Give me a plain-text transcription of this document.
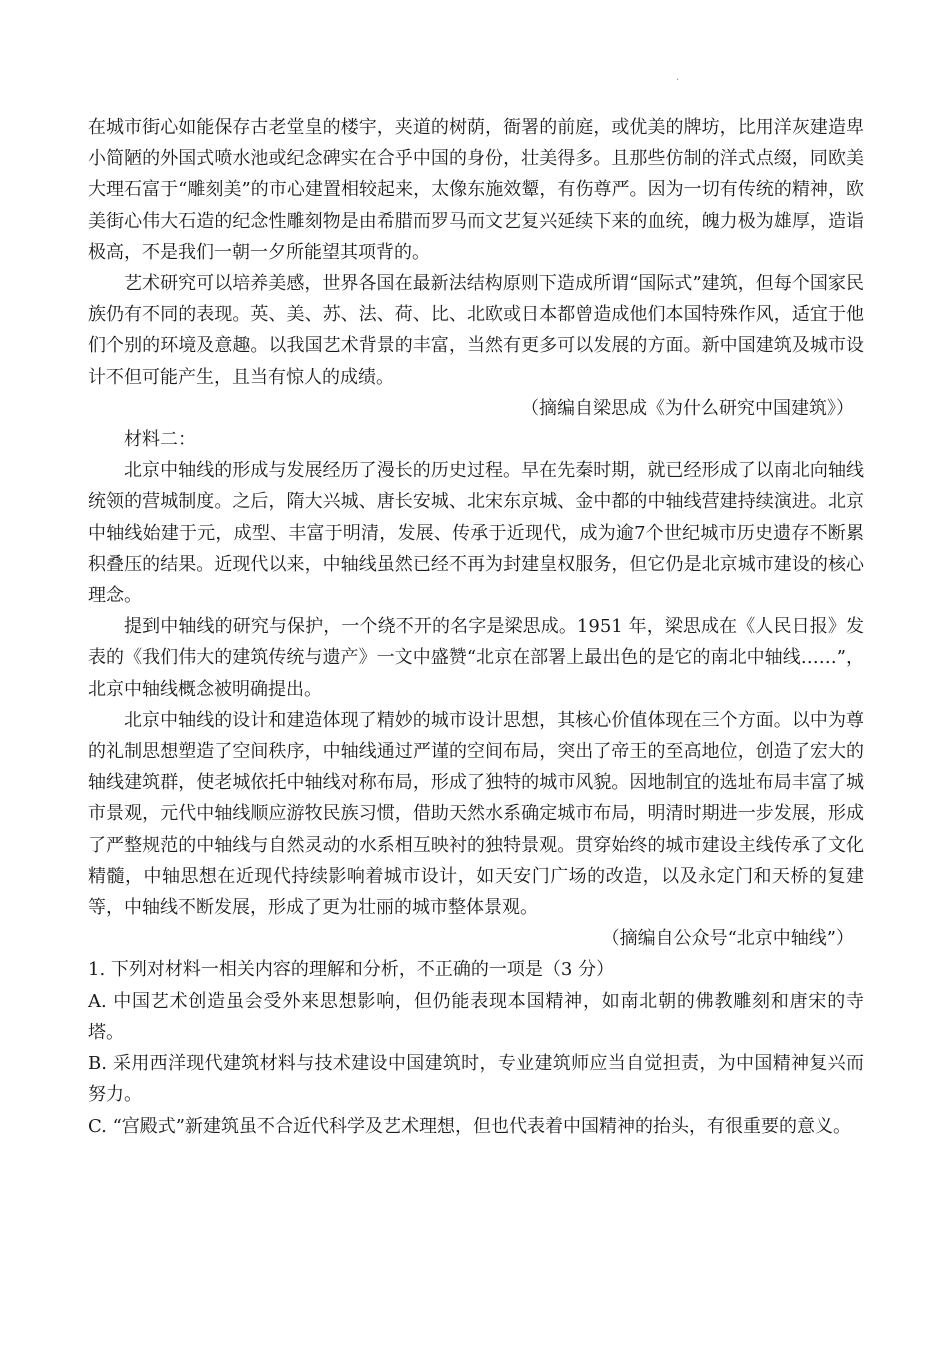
.

在城市街心如能保存古老堂皇的楼宇，夹道的树荫，衙署的前庭，或优美的牌坊，比用洋灰建造卑小简陋的外国式喷水池或纪念碑实在合乎中国的身份，壮美得多。且那些仿制的洋式点缀，同欧美大理石富于“雕刻美”的市心建置相较起来，太像东施效颦，有伤尊严。因为一切有传统的精神，欧美街心伟大石造的纪念性雕刻物是由希腊而罗马而文艺复兴延续下来的血统，魄力极为雄厚，造诣极高，不是我们一朝一夕所能望其项背的。

艺术研究可以培养美感，世界各国在最新法结构原则下造成所谓“国际式”建筑，但每个国家民族仍有不同的表现。英、美、苏、法、荷、比、北欧或日本都曾造成他们本国特殊作风，适宜于他们个别的环境及意趣。以我国艺术背景的丰富，当然有更多可以发展的方面。新中国建筑及城市设计不但可能产生，且当有惊人的成绩。

（摘编自梁思成《为什么研究中国建筑》）

材料二：

北京中轴线的形成与发展经历了漫长的历史过程。早在先秦时期，就已经形成了以南北向轴线统领的营城制度。之后，隋大兴城、唐长安城、北宋东京城、金中都的中轴线营建持续演进。北京中轴线始建于元，成型、丰富于明清，发展、传承于近现代，成为逾7个世纪城市历史遗存不断累积叠压的结果。近现代以来，中轴线虽然已经不再为封建皇权服务，但它仍是北京城市建设的核心理念。

提到中轴线的研究与保护，一个绕不开的名字是梁思成。1951 年，梁思成在《人民日报》发表的《我们伟大的建筑传统与遗产》一文中盛赞“北京在部署上最出色的是它的南北中轴线……”，北京中轴线概念被明确提出。

北京中轴线的设计和建造体现了精妙的城市设计思想，其核心价值体现在三个方面。以中为尊的礼制思想塑造了空间秩序，中轴线通过严谨的空间布局，突出了帝王的至高地位，创造了宏大的轴线建筑群，使老城依托中轴线对称布局，形成了独特的城市风貌。因地制宜的选址布局丰富了城市景观，元代中轴线顺应游牧民族习惯，借助天然水系确定城市布局，明清时期进一步发展，形成了严整规范的中轴线与自然灵动的水系相互映衬的独特景观。贯穿始终的城市建设主线传承了文化精髓，中轴思想在近现代持续影响着城市设计，如天安门广场的改造，以及永定门和天桥的复建等，中轴线不断发展，形成了更为壮丽的城市整体景观。

（摘编自公众号“北京中轴线”）

1. 下列对材料一相关内容的理解和分析，不正确的一项是（3 分）

A. 中国艺术创造虽会受外来思想影响，但仍能表现本国精神，如南北朝的佛教雕刻和唐宋的寺塔。

B. 采用西洋现代建筑材料与技术建设中国建筑时，专业建筑师应当自觉担责，为中国精神复兴而努力。

C. “宫殿式”新建筑虽不合近代科学及艺术理想，但也代表着中国精神的抬头，有很重要的意义。
